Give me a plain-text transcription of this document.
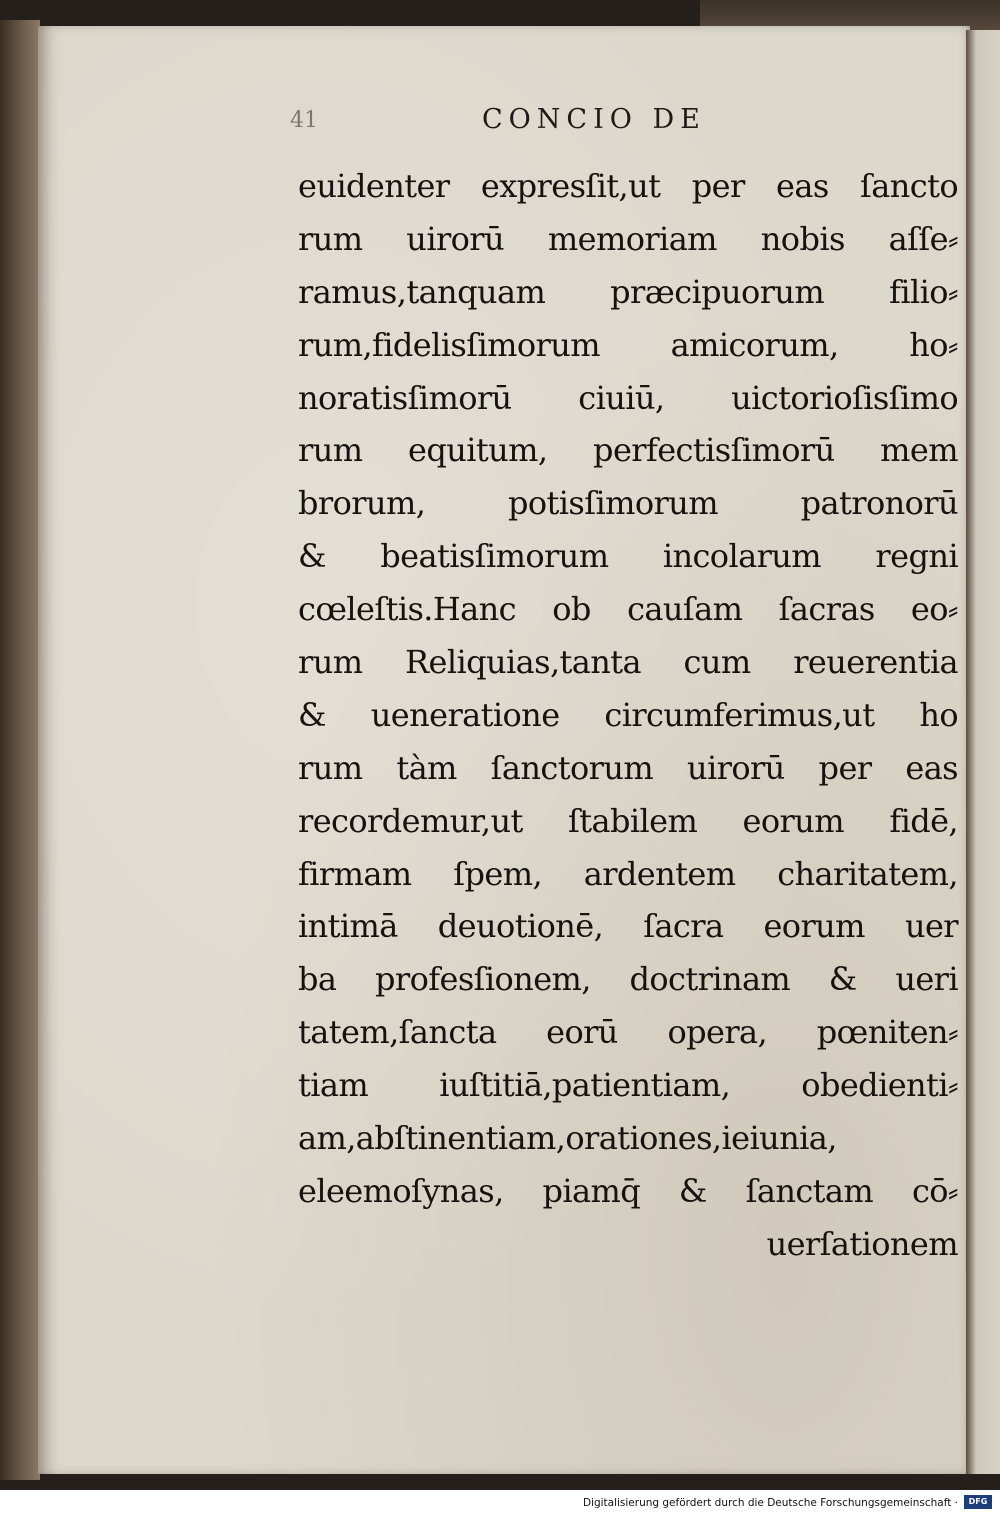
41	CONCIO DE
euidenter expresſit,ut per eas ſancto
rum uirorū memoriam nobis aſſe⸗
ramus,tanquam præcipuorum filio⸗
rum,fidelisſimorum amicorum, ho⸗
noratisſimorū ciuiū, uictorioſisſimo
rum equitum, perfectisſimorū mem
brorum, potisſimorum patronorū
& beatisſimorum incolarum regni
cœleſtis.Hanc ob cauſam ſacras eo⸗
rum Reliquias,tanta cum reuerentia
& ueneratione circumferimus,ut ho
rum tàm ſanctorum uirorū per eas
recordemur,ut ſtabilem eorum fidē,
firmam ſpem, ardentem charitatem,
intimā deuotionē, ſacra eorum uer
ba profesſionem, doctrinam & ueri
tatem,ſancta eorū opera, pœniten⸗
tiam iuſtitiā,patientiam, obedienti⸗
am,abſtinentiam,orationes,ieiunia,
eleemoſynas, piamq̄ & ſanctam cō⸗
uerſationem
Digitalisierung gefördert durch die Deutsche Forschungsgemeinschaft ·	DFG
